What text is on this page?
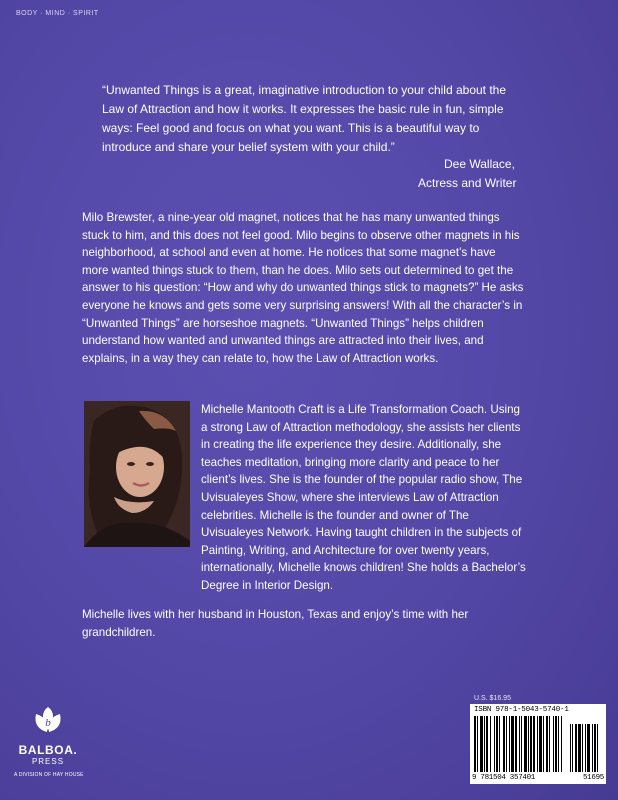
BODY · MIND · SPIRIT
“Unwanted Things is a great, imaginative introduction to your child about the Law of Attraction and how it works. It expresses the basic rule in fun, simple ways: Feel good and focus on what you want. This is a beautiful way to introduce and share your belief system with your child.”
Dee Wallace,
Actress and Writer
Milo Brewster, a nine-year old magnet, notices that he has many unwanted things stuck to him, and this does not feel good. Milo begins to observe other magnets in his neighborhood, at school and even at home. He notices that some magnet’s have more wanted things stuck to them, than he does. Milo sets out determined to get the answer to his question: “How and why do unwanted things stick to magnets?” He asks everyone he knows and gets some very surprising answers! With all the character’s in “Unwanted Things” are horseshoe magnets. “Unwanted Things” helps children understand how wanted and unwanted things are attracted into their lives, and explains, in a way they can relate to, how the Law of Attraction works.
Michelle Mantooth Craft is a Life Transformation Coach. Using a strong Law of Attraction methodology, she assists her clients in creating the life experience they desire. Additionally, she teaches meditation, bringing more clarity and peace to her client’s lives. She is the founder of the popular radio show, The Uvisualeyes Show, where she interviews Law of Attraction celebrities. Michelle is the founder and owner of The Uvisualeyes Network. Having taught children in the subjects of Painting, Writing, and Architecture for over twenty years, internationally, Michelle knows children! She holds a Bachelor’s Degree in Interior Design.
Michelle lives with her husband in Houston, Texas and enjoy’s time with her grandchildren.
b
BALBOA.
PRESS
A DIVISION OF HAY HOUSE
U.S. $16.95
ISBN 978-1-5043-5740-1
9 781504 357401	51695
